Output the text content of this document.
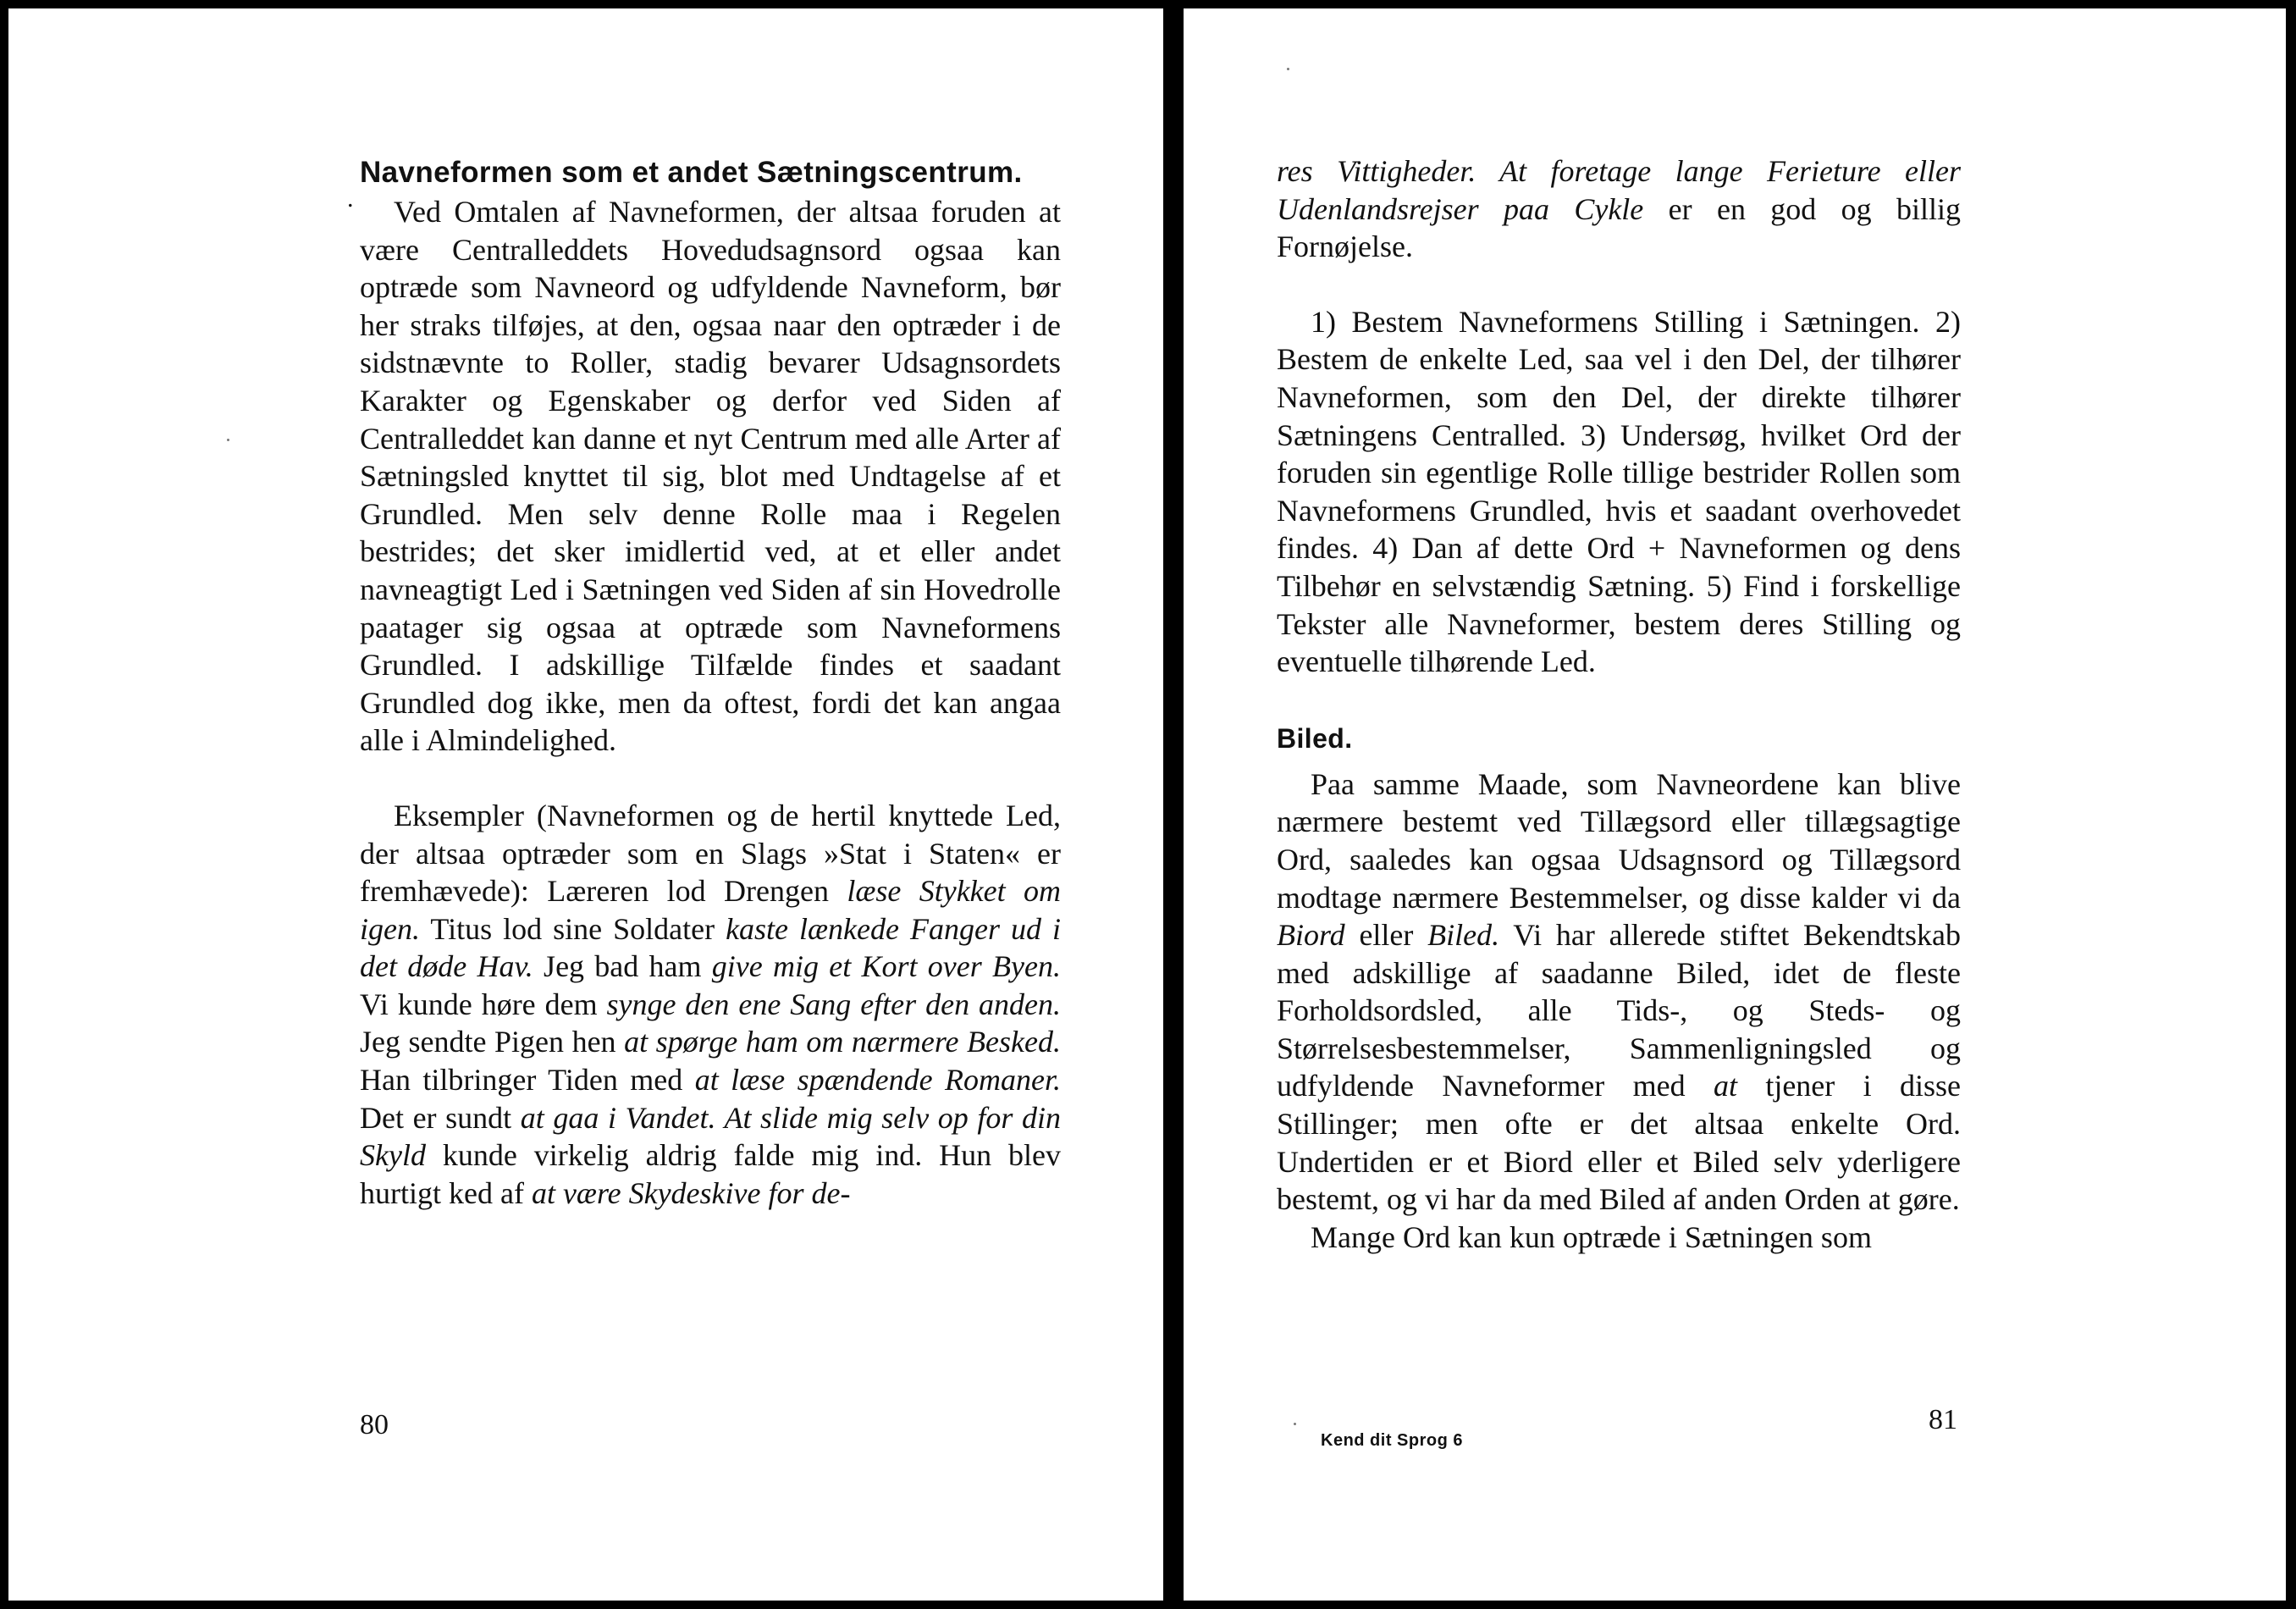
.
Navneformen som et andet Sætningscentrum.

Ved Omtalen af Navneformen, der altsaa foruden at være Centralleddets Hovedudsagnsord ogsaa kan optræde som Navneord og udfyldende Navneform, bør her straks tilføjes, at den, ogsaa naar den optræder i de sidstnævnte to Roller, stadig bevarer Udsagnsordets Karakter og Egenskaber og derfor ved Siden af Centralleddet kan danne et nyt Centrum med alle Arter af Sætningsled knyttet til sig, blot med Undtagelse af et Grundled. Men selv denne Rolle maa i Regelen bestrides; det sker imidlertid ved, at et eller andet navneagtigt Led i Sætningen ved Siden af sin Hovedrolle paatager sig ogsaa at optræde som Navneformens Grundled. I adskillige Tilfælde findes et saadant Grundled dog ikke, men da oftest, fordi det kan angaa alle i Almindelighed.

Eksempler (Navneformen og de hertil knyttede Led, der altsaa optræder som en Slags »Stat i Staten« er fremhævede): Læreren lod Drengen læse Stykket om igen. Titus lod sine Soldater kaste lænkede Fanger ud i det døde Hav. Jeg bad ham give mig et Kort over Byen. Vi kunde høre dem synge den ene Sang efter den anden. Jeg sendte Pigen hen at spørge ham om nærmere Besked. Han tilbringer Tiden med at læse spændende Romaner. Det er sundt at gaa i Vandet. At slide mig selv op for din Skyld kunde virkelig aldrig falde mig ind. Hun blev hurtigt ked af at være Skydeskive for de-

80

res Vittigheder. At foretage lange Ferieture eller Udenlandsrejser paa Cykle er en god og billig Fornøjelse.

1) Bestem Navneformens Stilling i Sætningen. 2) Bestem de enkelte Led, saa vel i den Del, der tilhører Navneformen, som den Del, der direkte tilhører Sætningens Centralled. 3) Undersøg, hvilket Ord der foruden sin egentlige Rolle tillige bestrider Rollen som Navneformens Grundled, hvis et saadant overhovedet findes. 4) Dan af dette Ord + Navneformen og dens Tilbehør en selvstændig Sætning. 5) Find i forskellige Tekster alle Navneformer, bestem deres Stilling og eventuelle tilhørende Led.

Biled.

Paa samme Maade, som Navneordene kan blive nærmere bestemt ved Tillægsord eller tillægsagtige Ord, saaledes kan ogsaa Udsagnsord og Tillægsord modtage nærmere Bestemmelser, og disse kalder vi da Biord eller Biled. Vi har allerede stiftet Bekendtskab med adskillige af saadanne Biled, idet de fleste Forholdsordsled, alle Tids-, og Steds- og Størrelsesbestemmelser, Sammenligningsled og udfyldende Navneformer med at tjener i disse Stillinger; men ofte er det altsaa enkelte Ord. Undertiden er et Biord eller et Biled selv yderligere bestemt, og vi har da med Biled af anden Orden at gøre.

Mange Ord kan kun optræde i Sætningen som

Kend dit Sprog 6
81
